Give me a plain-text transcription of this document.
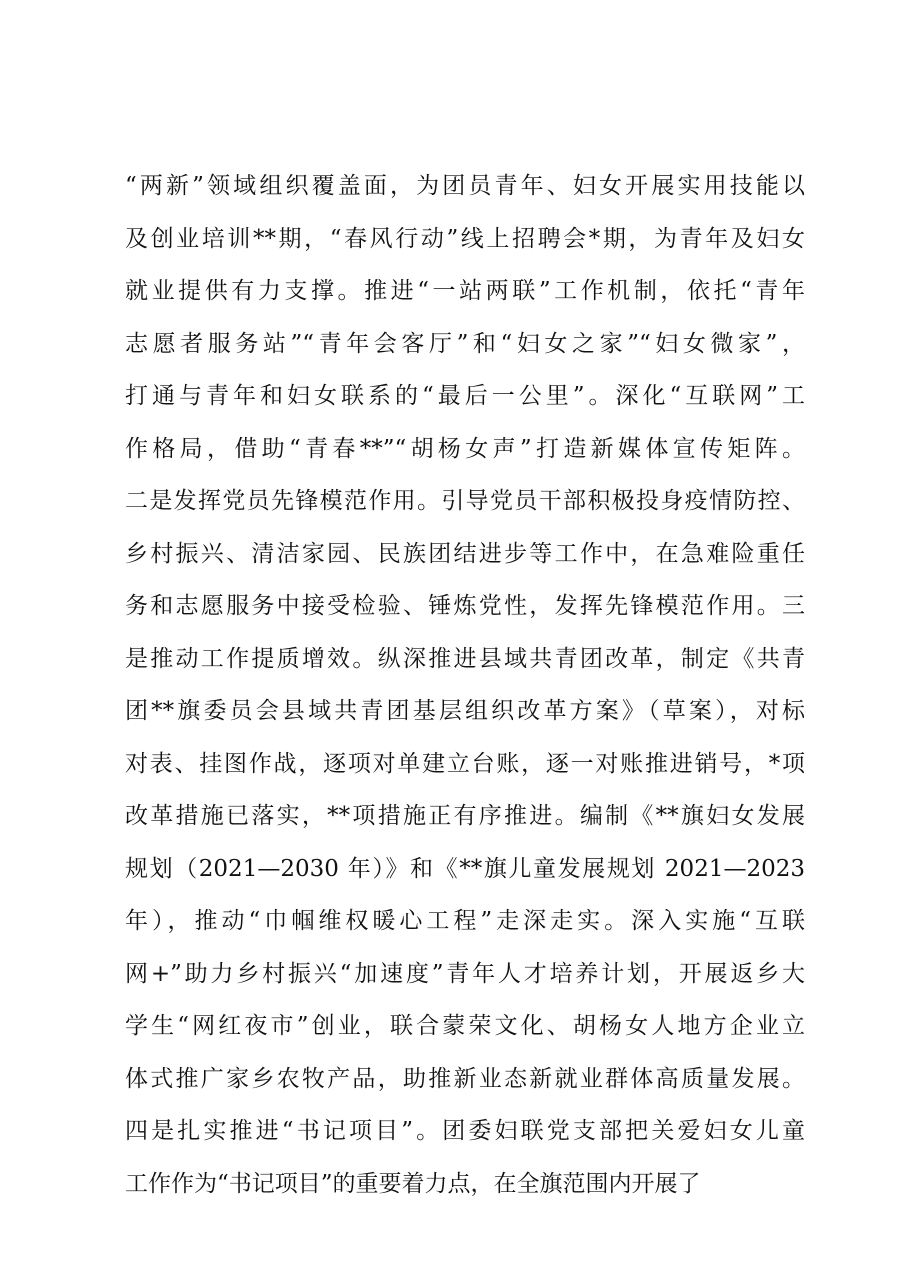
“两新”领域组织覆盖面，为团员青年、妇女开展实用技能以
及创业培训**期，“春风行动”线上招聘会*期，为青年及妇女
就业提供有力支撑。推进“一站两联”工作机制，依托“青年
志愿者服务站”“青年会客厅”和“妇女之家”“妇女微家”，
打通与青年和妇女联系的“最后一公里”。深化“互联网”工
作格局，借助“青春**”“胡杨女声”打造新媒体宣传矩阵。
二是发挥党员先锋模范作用。引导党员干部积极投身疫情防控、
乡村振兴、清洁家园、民族团结进步等工作中，在急难险重任
务和志愿服务中接受检验、锤炼党性，发挥先锋模范作用。三
是推动工作提质增效。纵深推进县域共青团改革，制定《共青
团**旗委员会县域共青团基层组织改革方案》（草案），对标
对表、挂图作战，逐项对单建立台账，逐一对账推进销号，*项
改革措施已落实，**项措施正有序推进。编制《**旗妇女发展
规划（2021—2030 年）》和《**旗儿童发展规划 2021—2023
年），推动“巾帼维权暖心工程”走深走实。深入实施“互联
网+”助力乡村振兴“加速度”青年人才培养计划，开展返乡大
学生“网红夜市”创业，联合蒙荣文化、胡杨女人地方企业立
体式推广家乡农牧产品，助推新业态新就业群体高质量发展。
四是扎实推进“书记项目”。团委妇联党支部把关爱妇女儿童
工作作为“书记项目”的重要着力点，在全旗范围内开展了
